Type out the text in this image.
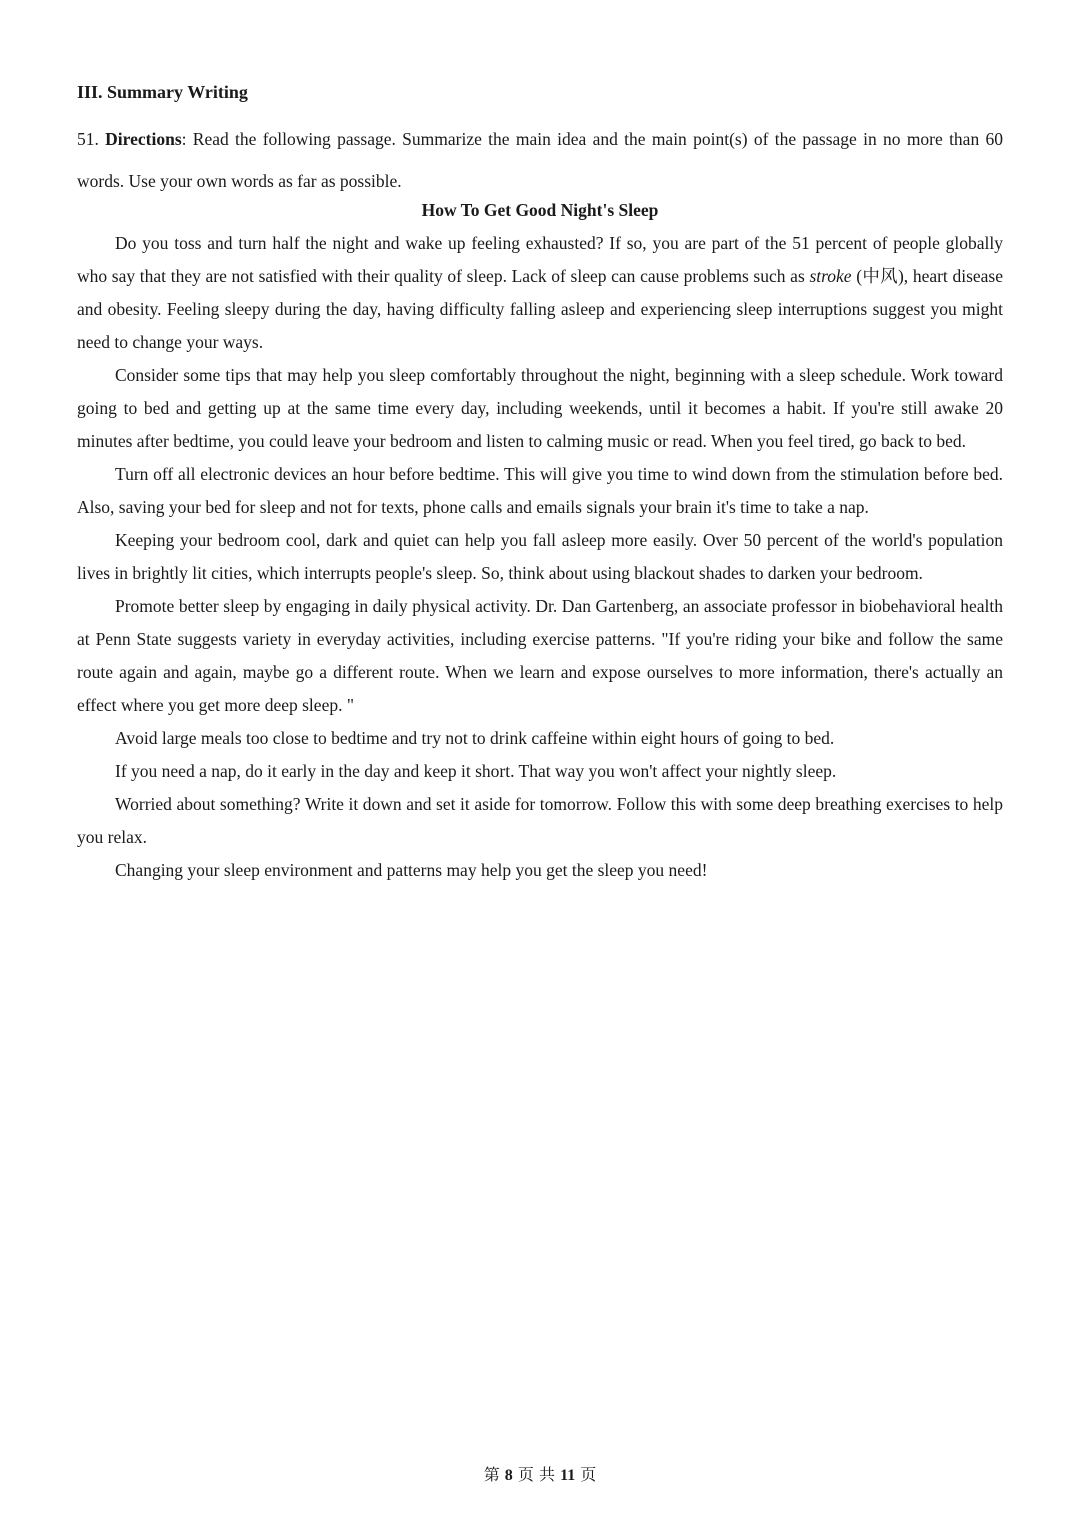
III. Summary Writing

51. Directions: Read the following passage. Summarize the main idea and the main point(s) of the passage in no more than 60 words. Use your own words as far as possible.

How To Get Good Night's Sleep

Do you toss and turn half the night and wake up feeling exhausted? If so, you are part of the 51 percent of people globally who say that they are not satisfied with their quality of sleep. Lack of sleep can cause problems such as stroke (中风), heart disease and obesity. Feeling sleepy during the day, having difficulty falling asleep and experiencing sleep interruptions suggest you might need to change your ways.

Consider some tips that may help you sleep comfortably throughout the night, beginning with a sleep schedule. Work toward going to bed and getting up at the same time every day, including weekends, until it becomes a habit. If you're still awake 20 minutes after bedtime, you could leave your bedroom and listen to calming music or read. When you feel tired, go back to bed.

Turn off all electronic devices an hour before bedtime. This will give you time to wind down from the stimulation before bed. Also, saving your bed for sleep and not for texts, phone calls and emails signals your brain it's time to take a nap.

Keeping your bedroom cool, dark and quiet can help you fall asleep more easily. Over 50 percent of the world's population lives in brightly lit cities, which interrupts people's sleep. So, think about using blackout shades to darken your bedroom.

Promote better sleep by engaging in daily physical activity. Dr. Dan Gartenberg, an associate professor in biobehavioral health at Penn State suggests variety in everyday activities, including exercise patterns. "If you're riding your bike and follow the same route again and again, maybe go a different route. When we learn and expose ourselves to more information, there's actually an effect where you get more deep sleep. "

Avoid large meals too close to bedtime and try not to drink caffeine within eight hours of going to bed.

If you need a nap, do it early in the day and keep it short. That way you won't affect your nightly sleep.

Worried about something? Write it down and set it aside for tomorrow. Follow this with some deep breathing exercises to help you relax.

Changing your sleep environment and patterns may help you get the sleep you need!

第 8 页 共 11 页
